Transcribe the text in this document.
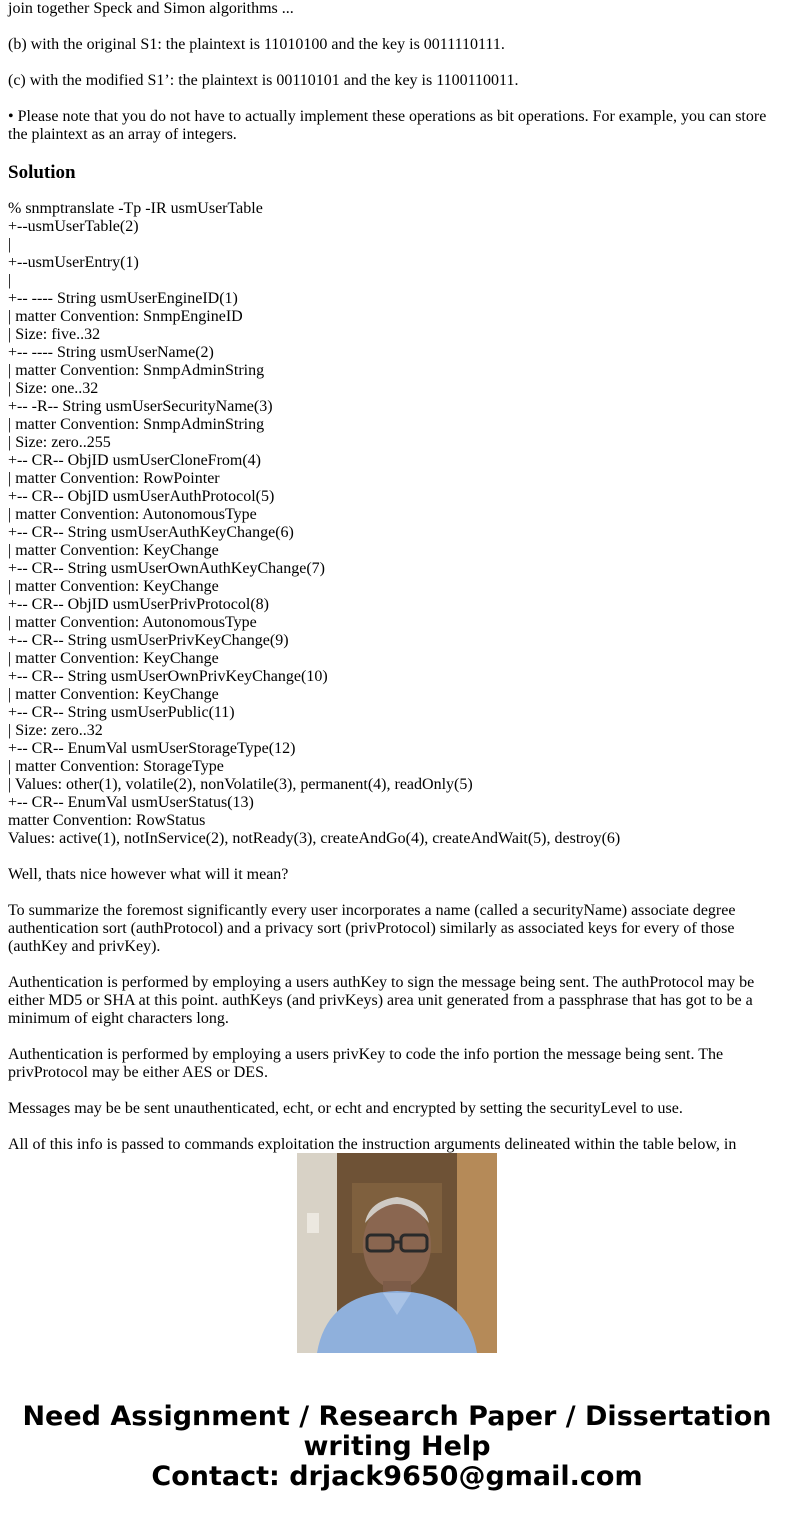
join together Speck and Simon algorithms ...

(b) with the original S1: the plaintext is 11010100 and the key is 0011110111.

(c) with the modified S1’: the plaintext is 00110101 and the key is 1100110011.

• Please note that you do not have to actually implement these operations as bit operations. For example, you can store the plaintext as an array of integers.

Solution
% snmptranslate -Tp -IR usmUserTable
+--usmUserTable(2)
|
+--usmUserEntry(1)
|
+-- ---- String usmUserEngineID(1)
| matter Convention: SnmpEngineID
| Size: five..32
+-- ---- String usmUserName(2)
| matter Convention: SnmpAdminString
| Size: one..32
+-- -R-- String usmUserSecurityName(3)
| matter Convention: SnmpAdminString
| Size: zero..255
+-- CR-- ObjID usmUserCloneFrom(4)
| matter Convention: RowPointer
+-- CR-- ObjID usmUserAuthProtocol(5)
| matter Convention: AutonomousType
+-- CR-- String usmUserAuthKeyChange(6)
| matter Convention: KeyChange
+-- CR-- String usmUserOwnAuthKeyChange(7)
| matter Convention: KeyChange
+-- CR-- ObjID usmUserPrivProtocol(8)
| matter Convention: AutonomousType
+-- CR-- String usmUserPrivKeyChange(9)
| matter Convention: KeyChange
+-- CR-- String usmUserOwnPrivKeyChange(10)
| matter Convention: KeyChange
+-- CR-- String usmUserPublic(11)
| Size: zero..32
+-- CR-- EnumVal usmUserStorageType(12)
| matter Convention: StorageType
| Values: other(1), volatile(2), nonVolatile(3), permanent(4), readOnly(5)
+-- CR-- EnumVal usmUserStatus(13)
matter Convention: RowStatus
Values: active(1), notInService(2), notReady(3), createAndGo(4), createAndWait(5), destroy(6)

Well, thats nice however what will it mean?

To summarize the foremost significantly every user incorporates a name (called a securityName) associate degree authentication sort (authProtocol) and a privacy sort (privProtocol) similarly as associated keys for every of those (authKey and privKey).

Authentication is performed by employing a users authKey to sign the message being sent. The authProtocol may be either MD5 or SHA at this point. authKeys (and privKeys) area unit generated from a passphrase that has got to be a minimum of eight characters long.

Authentication is performed by employing a users privKey to code the info portion the message being sent. The privProtocol may be either AES or DES.

Messages may be be sent unauthenticated, echt, or echt and encrypted by setting the securityLevel to use.

All of this info is passed to commands exploitation the instruction arguments delineated within the table below, in

Need Assignment / Research Paper / Dissertation
writing Help
Contact: drjack9650@gmail.com
